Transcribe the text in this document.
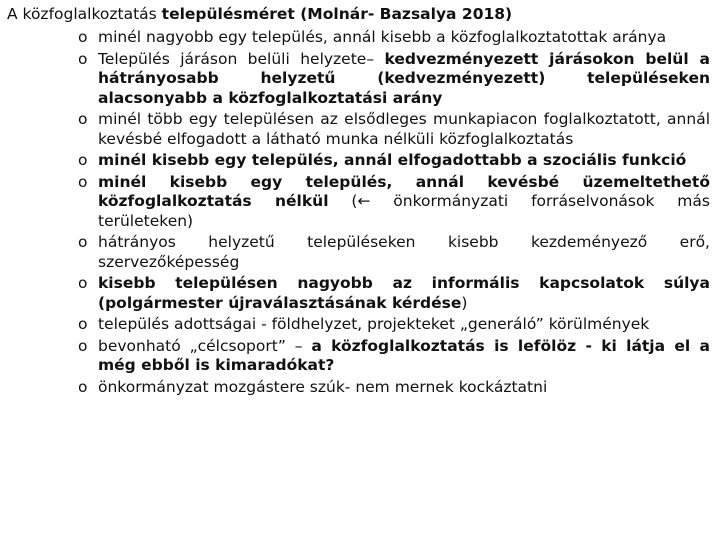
A közfoglalkoztatás településméret (Molnár- Bazsalya 2018)
o minél nagyobb egy település, annál kisebb a közfoglalkoztatottak aránya
o Település járáson belüli helyzete– kedvezményezett járásokon belül a hátrányosabb helyzetű (kedvezményezett) településeken alacsonyabb a közfoglalkoztatási arány
o minél több egy településen az elsődleges munkapiacon foglalkoztatott, annál kevésbé elfogadott a látható munka nélküli közfoglalkoztatás
o minél kisebb egy település, annál elfogadottabb a szociális funkció
o minél kisebb egy település, annál kevésbé üzemeltethető közfoglalkoztatás nélkül (← önkormányzati forráselvonások más területeken)
o hátrányos helyzetű településeken kisebb kezdeményező erő, szervezőképesség
o kisebb településen nagyobb az informális kapcsolatok súlya (polgármester újraválasztásának kérdése)
o település adottságai - földhelyzet, projekteket „generáló” körülmények
o bevonható „célcsoport” – a közfoglalkoztatás is lefölöz - ki látja el a még ebből is kimaradókat?
o önkormányzat mozgástere szúk- nem mernek kockáztatni
